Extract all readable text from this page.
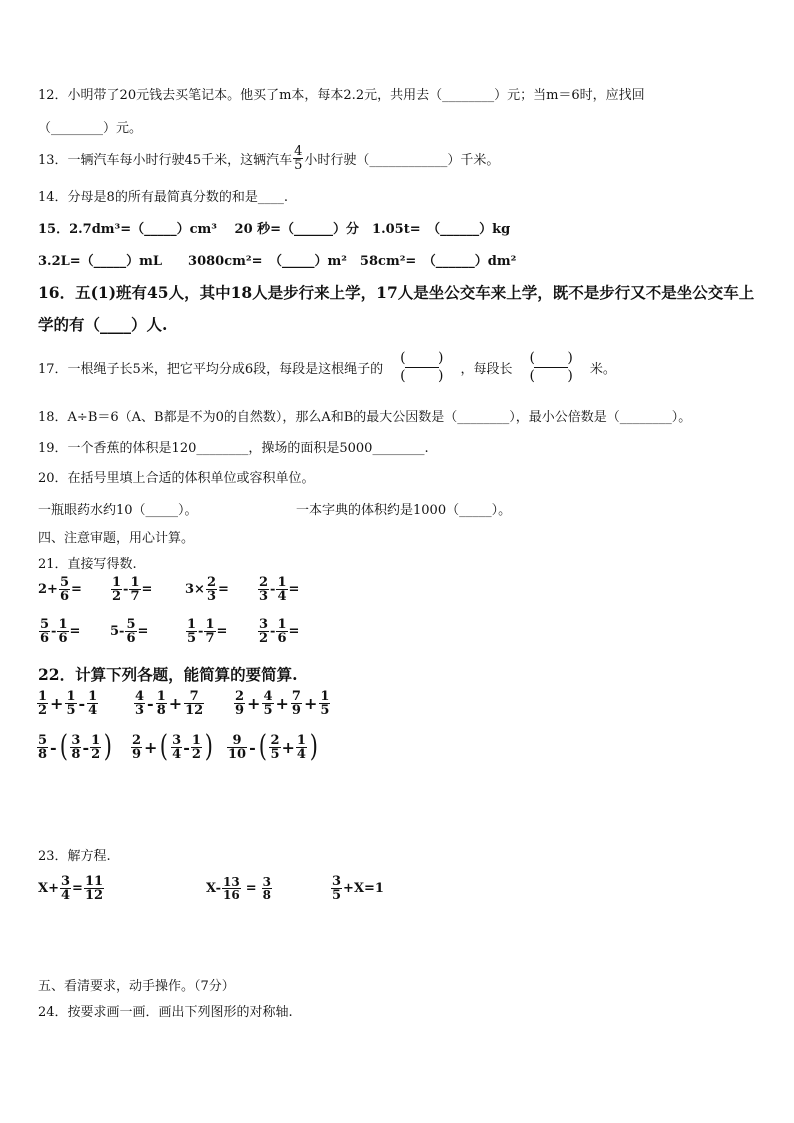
12．小明带了20元钱去买笔记本。他买了m本，每本2.2元，共用去（________）元；当m＝6时，应找回
（________）元。
13．一辆汽车每小时行驶45千米，这辆汽车
4
5 小时行驶（____________）千米。
14．分母是8的所有最简真分数的和是____.
15．2.7dm³=（_____）cm³　 20 秒=（______）分　1.05t=　（______）kg
3.2L=（_____）mL　　3080cm²=　（_____）m²　58cm²=　（______）dm²
16．五(1)班有45人，其中18人是步行来上学，17人是坐公交车来上学，既不是步行又不是坐公交车上
学的有（____）人.
17．一根绳子长5米，把它平均分成6段，每段是这根绳子的
( )
( ) ，每段长
( )
( ) 米。
18．A÷B＝6（A、B都是不为0的自然数），那么A和B的最大公因数是（________），最小公倍数是（________）。
19．一个香蕉的体积是120________，操场的面积是5000________.
20．在括号里填上合适的体积单位或容积单位。
一瓶眼药水约10（_____）。	一本字典的体积约是1000（_____）。
四、注意审题，用心计算。
21．直接写得数.
$2 + \frac{5}{6} = 1$
$2 - \frac{1}{7}$ =	$3 \times \frac{2}{3} = 2$
$3 - \frac{1}{4}$ =
5
$6 - \frac{1}{6} = 5 - \frac{5}{6}$ =	1
$5 - \frac{1}{7} = 3$
$2 - \frac{1}{6}$ =
22．计算下列各题，能简算的要简算.
1
$2 + \frac{1}{5} - 1$
4
4
3 - 1
$8 + \frac{7}{12} 2$
$9 + \frac{4}{5} + \frac{7}{9} + \frac{1}{5}$
5
8 - ( 3
8 - 1
2 ) 2
9 + ( 3
4 - 1
2 ) 9
10 - ( 2
$5 + \frac{1}{4}$ )
23．解方程.
$X+ \frac{3}{4} = \frac{11}{12}$	$X- \frac{13}{16} = \frac{3}{8}$	3
5 +X=1
五、看清要求，动手操作。（7分）
24．按要求画一画．画出下列图形的对称轴.
